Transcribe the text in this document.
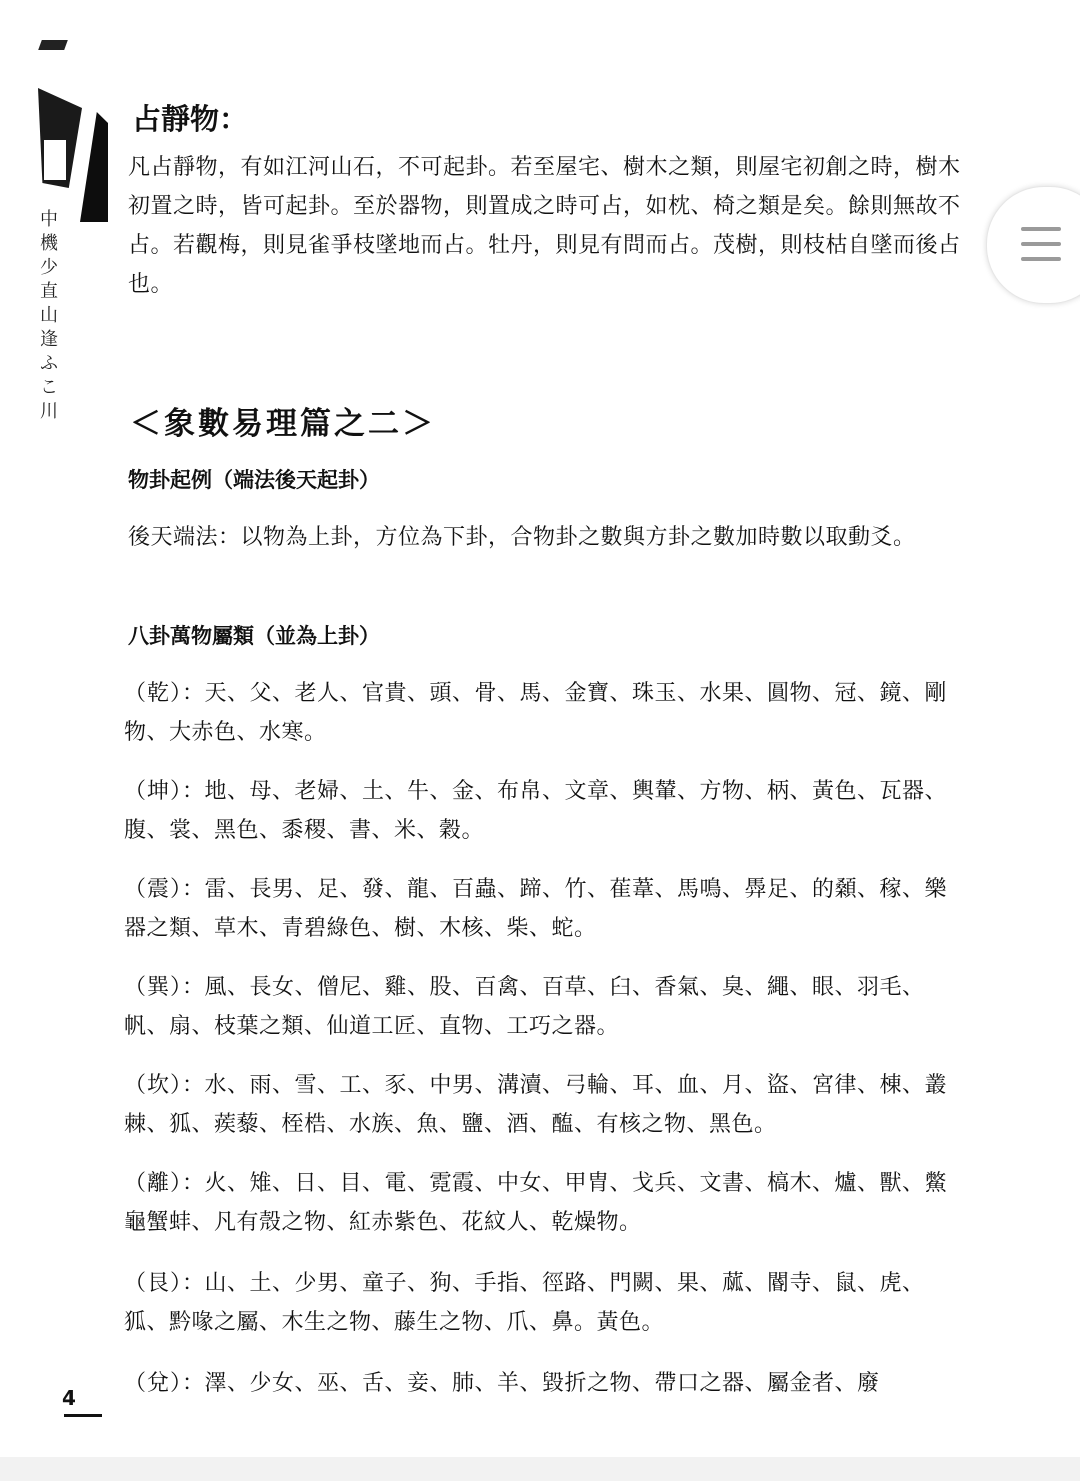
中機少直山逢ふこ川
占靜物：
凡占靜物，有如江河山石，不可起卦。若至屋宅、樹木之類，則屋宅初創之時，樹木初置之時，皆可起卦。至於器物，則置成之時可占，如枕、椅之類是矣。餘則無故不占。若觀梅，則見雀爭枝墜地而占。牡丹，則見有問而占。茂樹，則枝枯自墜而後占也。
＜象數易理篇之二＞
物卦起例（端法後天起卦）
後天端法：以物為上卦，方位為下卦，合物卦之數與方卦之數加時數以取動爻。
八卦萬物屬類（並為上卦）
（乾）：天、父、老人、官貴、頭、骨、馬、金寶、珠玉、水果、圓物、冠、鏡、剛物、大赤色、水寒。
（坤）：地、母、老婦、土、牛、金、布帛、文章、輿輦、方物、柄、黃色、瓦器、腹、裳、黑色、黍稷、書、米、穀。
（震）：雷、長男、足、發、龍、百蟲、蹄、竹、萑葦、馬鳴、馵足、的顙、稼、樂器之類、草木、青碧綠色、樹、木核、柴、蛇。
（巽）：風、長女、僧尼、雞、股、百禽、百草、臼、香氣、臭、繩、眼、羽毛、帆、扇、枝葉之類、仙道工匠、直物、工巧之器。
（坎）：水、雨、雪、工、豕、中男、溝瀆、弓輪、耳、血、月、盜、宮律、棟、叢棘、狐、蒺藜、桎梏、水族、魚、鹽、酒、醢、有核之物、黑色。
（離）：火、雉、日、目、電、霓霞、中女、甲胄、戈兵、文書、槁木、爐、獸、鱉龜蟹蚌、凡有殼之物、紅赤紫色、花紋人、乾燥物。
（艮）：山、土、少男、童子、狗、手指、徑路、門闕、果、蓏、閽寺、鼠、虎、狐、黔喙之屬、木生之物、藤生之物、爪、鼻。黃色。
（兌）：澤、少女、巫、舌、妾、肺、羊、毀折之物、帶口之器、屬金者、廢
4
